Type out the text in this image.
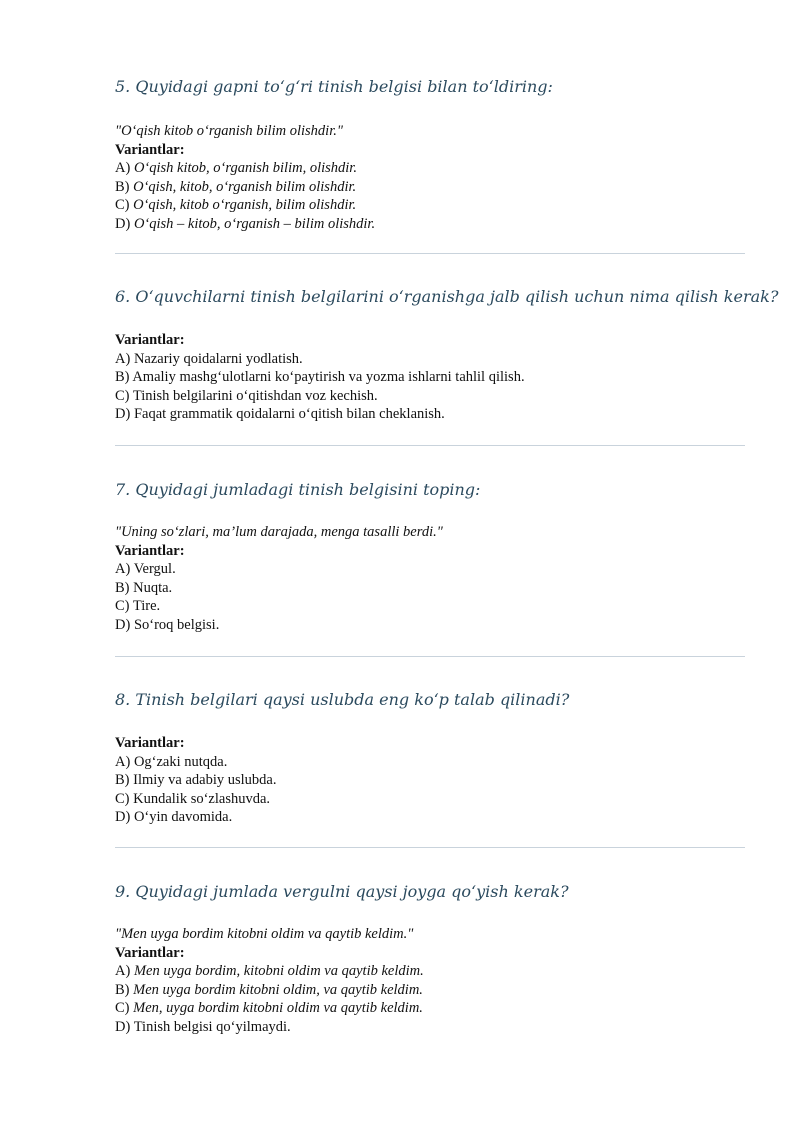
5. Quyidagi gapni to‘g‘ri tinish belgisi bilan to‘ldiring:

"O‘qish kitob o‘rganish bilim olishdir."

Variantlar:

A) O‘qish kitob, o‘rganish bilim, olishdir.

B) O‘qish, kitob, o‘rganish bilim olishdir.

C) O‘qish, kitob o‘rganish, bilim olishdir.

D) O‘qish – kitob, o‘rganish – bilim olishdir.

6. O‘quvchilarni tinish belgilarini o‘rganishga jalb qilish uchun nima qilish kerak?

Variantlar:

A) Nazariy qoidalarni yodlatish.

B) Amaliy mashg‘ulotlarni ko‘paytirish va yozma ishlarni tahlil qilish.

C) Tinish belgilarini o‘qitishdan voz kechish.

D) Faqat grammatik qoidalarni o‘qitish bilan cheklanish.

7. Quyidagi jumladagi tinish belgisini toping:

"Uning so‘zlari, ma’lum darajada, menga tasalli berdi."

Variantlar:

A) Vergul.

B) Nuqta.

C) Tire.

D) So‘roq belgisi.

8. Tinish belgilari qaysi uslubda eng ko‘p talab qilinadi?

Variantlar:

A) Og‘zaki nutqda.

B) Ilmiy va adabiy uslubda.

C) Kundalik so‘zlashuvda.

D) O‘yin davomida.

9. Quyidagi jumlada vergulni qaysi joyga qo‘yish kerak?

"Men uyga bordim kitobni oldim va qaytib keldim."

Variantlar:

A) Men uyga bordim, kitobni oldim va qaytib keldim.

B) Men uyga bordim kitobni oldim, va qaytib keldim.

C) Men, uyga bordim kitobni oldim va qaytib keldim.

D) Tinish belgisi qo‘yilmaydi.
